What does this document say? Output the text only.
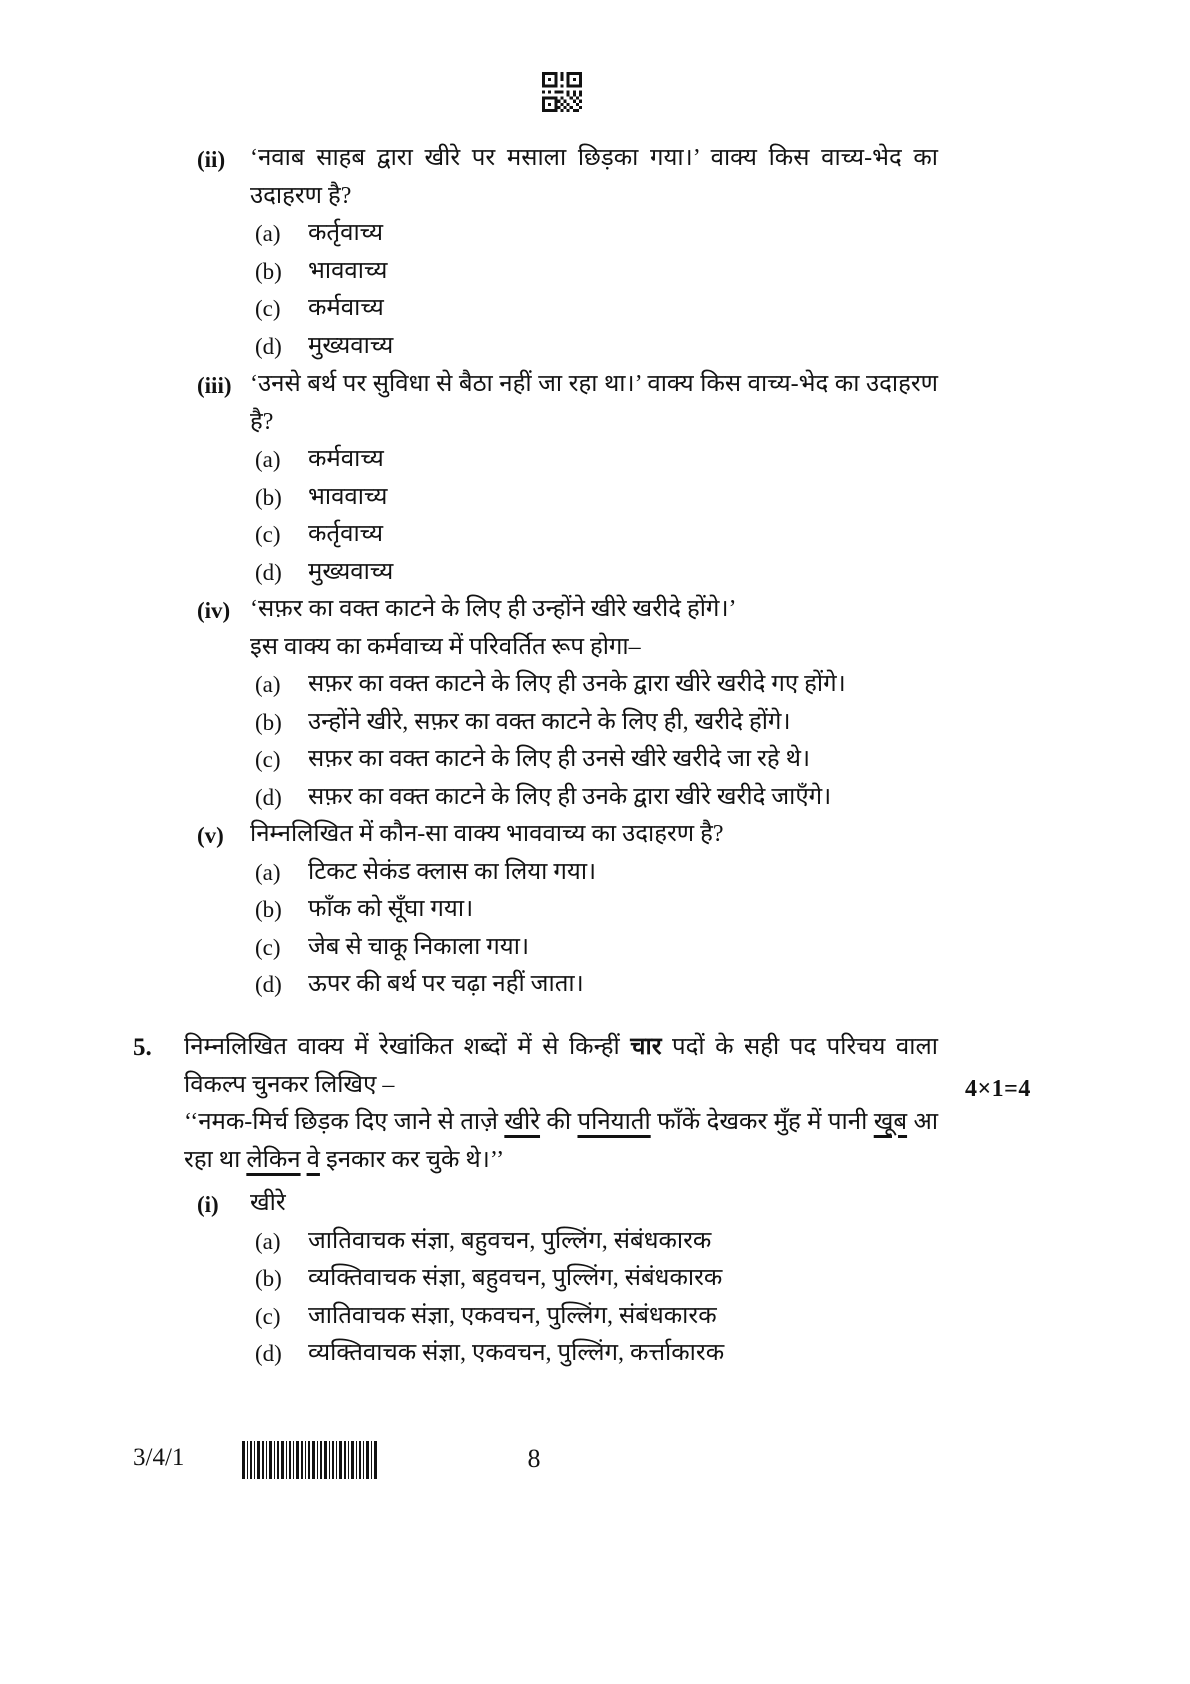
(ii) ‘नवाब साहब द्वारा खीरे पर मसाला छिड़का गया।’ वाक्य किस वाच्य-भेद का उदाहरण है?

(a) कर्तृवाच्य
(b) भाववाच्य
(c) कर्मवाच्य
(d) मुख्यवाच्य
(iii) ‘उनसे बर्थ पर सुविधा से बैठा नहीं जा रहा था।’ वाक्य किस वाच्य-भेद का उदाहरण है?

(a) कर्मवाच्य
(b) भाववाच्य
(c) कर्तृवाच्य
(d) मुख्यवाच्य
(iv) ‘सफ़र का वक्त काटने के लिए ही उन्होंने खीरे खरीदे होंगे।’

इस वाक्य का कर्मवाच्य में परिवर्तित रूप होगा–

(a) सफ़र का वक्त काटने के लिए ही उनके द्वारा खीरे खरीदे गए होंगे।
(b) उन्होंने खीरे, सफ़र का वक्त काटने के लिए ही, खरीदे होंगे।
(c) सफ़र का वक्त काटने के लिए ही उनसे खीरे खरीदे जा रहे थे।
(d) सफ़र का वक्त काटने के लिए ही उनके द्वारा खीरे खरीदे जाएँगे।
(v) निम्नलिखित में कौन-सा वाक्य भाववाच्य का उदाहरण है?

(a) टिकट सेकंड क्लास का लिया गया।
(b) फाँक को सूँघा गया।
(c) जेब से चाकू निकाला गया।
(d) ऊपर की बर्थ पर चढ़ा नहीं जाता।
5.
4×1=4

निम्नलिखित वाक्य में रेखांकित शब्दों में से किन्हीं चार पदों के सही पद परिचय वाला विकल्प चुनकर लिखिए –

‘‘नमक-मिर्च छिड़क दिए जाने से ताज़े खीरे की पनियाती फाँकें देखकर मुँह में पानी खूब आ रहा था लेकिन वे इनकार कर चुके थे।’’

(i) खीरे

(a) जातिवाचक संज्ञा, बहुवचन, पुल्लिंग, संबंधकारक
(b) व्यक्तिवाचक संज्ञा, बहुवचन, पुल्लिंग, संबंधकारक
(c) जातिवाचक संज्ञा, एकवचन, पुल्लिंग, संबंधकारक
(d) व्यक्तिवाचक संज्ञा, एकवचन, पुल्लिंग, कर्त्ताकारक
3/4/1	8
